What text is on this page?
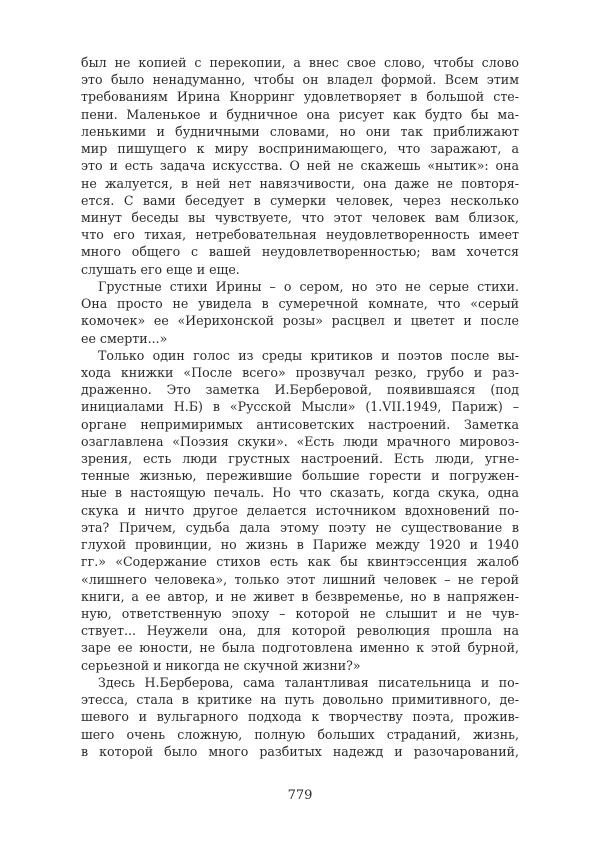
был не копией с перекопии, а внес свое слово, чтобы слово
это было ненадуманно, чтобы он владел формой. Всем этим
требованиям Ирина Кнорринг удовлетворяет в большой сте-
пени. Маленькое и будничное она рисует как будто бы ма-
ленькими и будничными словами, но они так приближают
мир пишущего к миру воспринимающего, что заражают, а
это и есть задача искусства. О ней не скажешь «нытик»: она
не жалуется, в ней нет навязчивости, она даже не повторя-
ется. С вами беседует в сумерки человек, через несколько
минут беседы вы чувствуете, что этот человек вам близок,
что его тихая, нетребовательная неудовлетворенность имеет
много общего с вашей неудовлетворенностью; вам хочется
слушать его еще и еще.
Грустные стихи Ирины – о сером, но это не серые стихи.
Она просто не увидела в сумеречной комнате, что «серый
комочек» ее «Иерихонской розы» расцвел и цветет и после
ее смерти...»
Только один голос из среды критиков и поэтов после вы-
хода книжки «После всего» прозвучал резко, грубо и раз-
драженно. Это заметка И.Берберовой, появившаяся (под
инициалами Н.Б) в «Русской Мысли» (1.VII.1949, Париж) –
органе непримиримых антисоветских настроений. Заметка
озаглавлена «Поэзия скуки». «Есть люди мрачного мировоз-
зрения, есть люди грустных настроений. Есть люди, угне-
тенные жизнью, пережившие большие горести и погружен-
ные в настоящую печаль. Но что сказать, когда скука, одна
скука и ничто другое делается источником вдохновений по-
эта? Причем, судьба дала этому поэту не существование в
глухой провинции, но жизнь в Париже между 1920 и 1940
гг.» «Содержание стихов есть как бы квинтэссенция жалоб
«лишнего человека», только этот лишний человек – не герой
книги, а ее автор, и не живет в безвременье, но в напряжен-
ную, ответственную эпоху – которой не слышит и не чув-
ствует... Неужели она, для которой революция прошла на
заре ее юности, не была подготовлена именно к этой бурной,
серьезной и никогда не скучной жизни?»
Здесь Н.Берберова, сама талантливая писательница и по-
этесса, стала в критике на путь довольно примитивного, де-
шевого и вульгарного подхода к творчеству поэта, прожив-
шего очень сложную, полную больших страданий, жизнь,
в которой было много разбитых надежд и разочарований,
779
